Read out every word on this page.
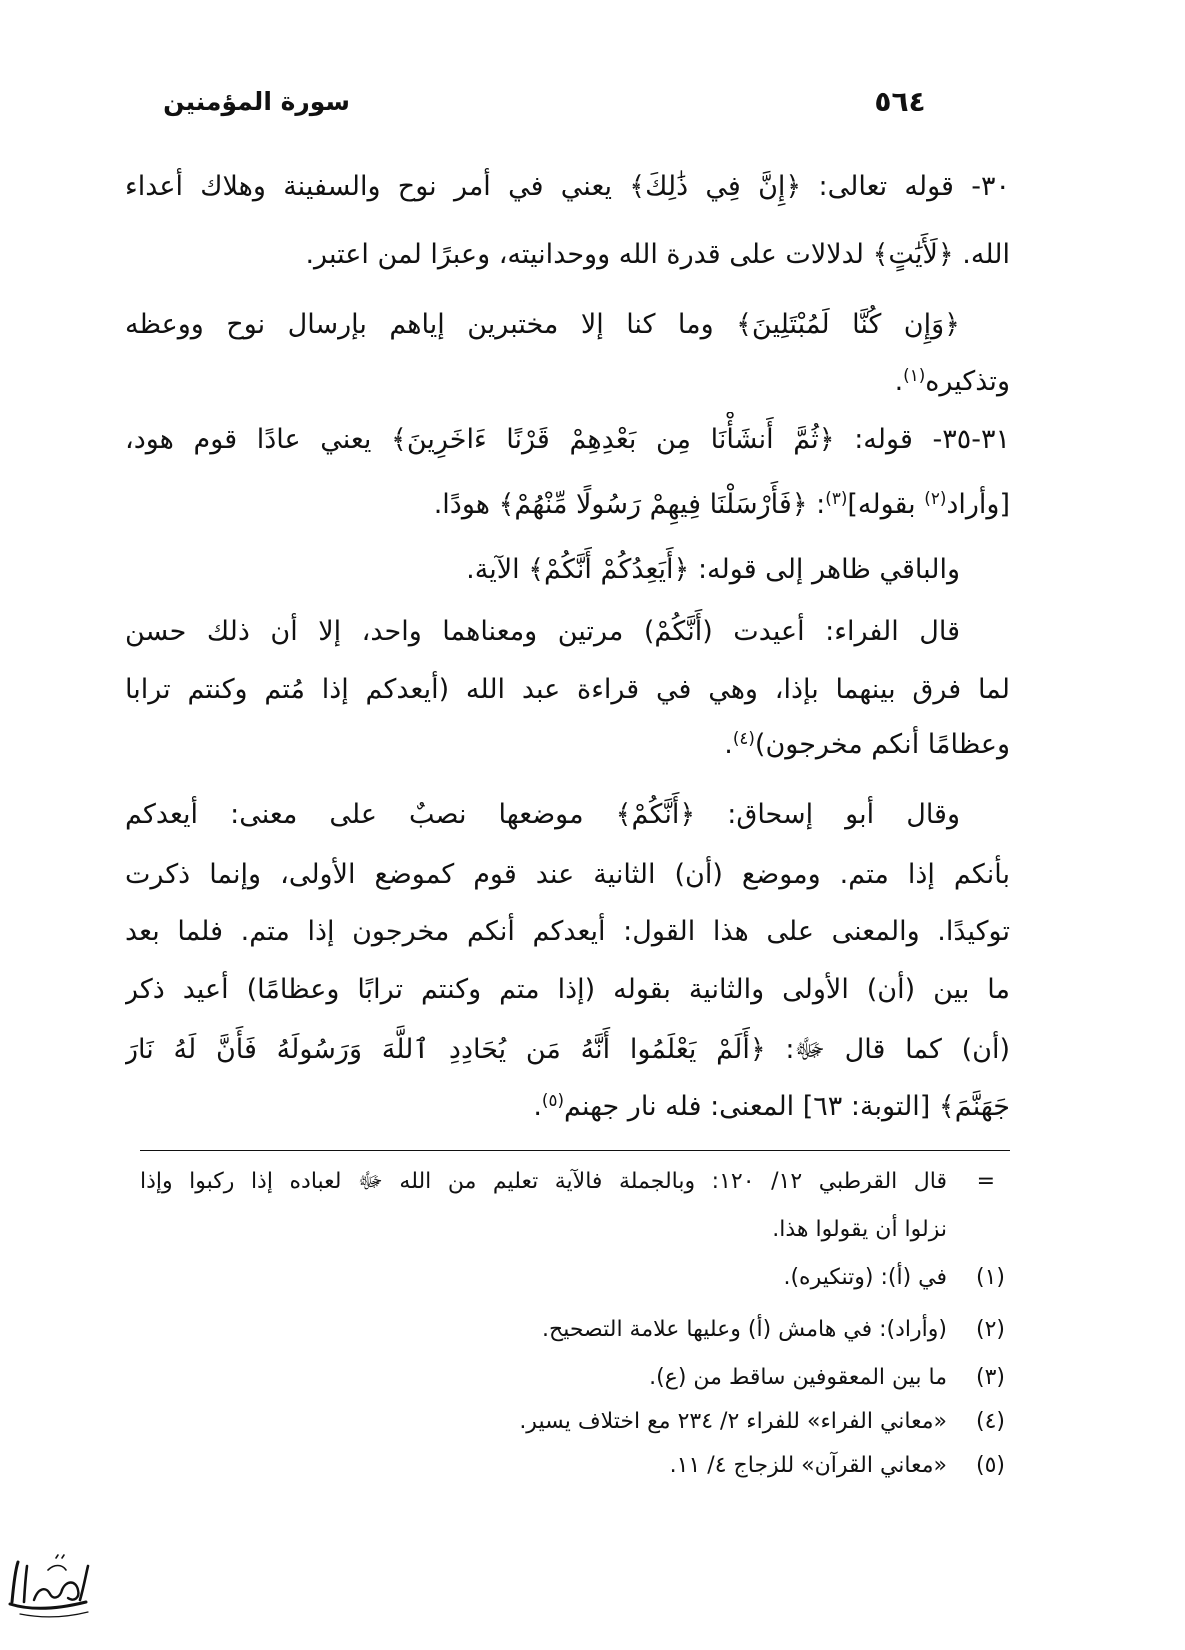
سورة المؤمنين	٥٦٤
٣٠- قوله تعالى: ﴿إِنَّ فِي ذَٰلِكَ﴾ يعني في أمر نوح والسفينة وهلاك أعداء
الله. ﴿لَأَيَٰتٍ﴾ لدلالات على قدرة الله ووحدانيته، وعبرًا لمن اعتبر.
﴿وَإِن كُنَّا لَمُبْتَلِينَ﴾ وما كنا إلا مختبرين إياهم بإرسال نوح ووعظه
وتذكيره$^{(١)}$.
٣١-٣٥- قوله: ﴿ثُمَّ أَنشَأْنَا مِن بَعْدِهِمْ قَرْنًا ءَاخَرِينَ﴾ يعني عادًا قوم هود،
[وأراد$^{(٢)}$ بقوله]$^{(٣)}$: ﴿فَأَرْسَلْنَا فِيهِمْ رَسُولًا مِّنْهُمْ﴾ هودًا.
والباقي ظاهر إلى قوله: ﴿أَيَعِدُكُمْ أَنَّكُمْ﴾ الآية.
قال الفراء: أعيدت (أَنَّكُمْ) مرتين ومعناهما واحد، إلا أن ذلك حسن
لما فرق بينهما بإذا، وهي في قراءة عبد الله (أيعدكم إذا مُتم وكنتم ترابا
وعظامًا أنكم مخرجون)$^{(٤)}$.
وقال أبو إسحاق: ﴿أَنَّكُمْ﴾ موضعها نصبٌ على معنى: أيعدكم
بأنكم إذا متم. وموضع (أن) الثانية عند قوم كموضع الأولى، وإنما ذكرت
توكيدًا. والمعنى على هذا القول: أيعدكم أنكم مخرجون إذا متم. فلما بعد
ما بين (أن) الأولى والثانية بقوله (إذا متم وكنتم ترابًا وعظامًا) أعيد ذكر
(أن) كما قال ﷻ: ﴿أَلَمْ يَعْلَمُوا أَنَّهُ مَن يُحَادِدِ ٱللَّهَ وَرَسُولَهُ فَأَنَّ لَهُ نَارَ
جَهَنَّمَ﴾ [التوبة: ٦٣] المعنى: فله نار جهنم$^{(٥)}$.
=
قال القرطبي ١٢/ ١٢٠: وبالجملة فالآية تعليم من الله ﷻ لعباده إذا ركبوا وإذا
نزلوا أن يقولوا هذا.
(١)
في (أ): (وتنكيره).
(٢)
(وأراد): في هامش (أ) وعليها علامة التصحيح.
(٣)
ما بين المعقوفين ساقط من (ع).
(٤)
«معاني الفراء» للفراء ٢/ ٢٣٤ مع اختلاف يسير.
(٥)
«معاني القرآن» للزجاج ٤/ ١١.
